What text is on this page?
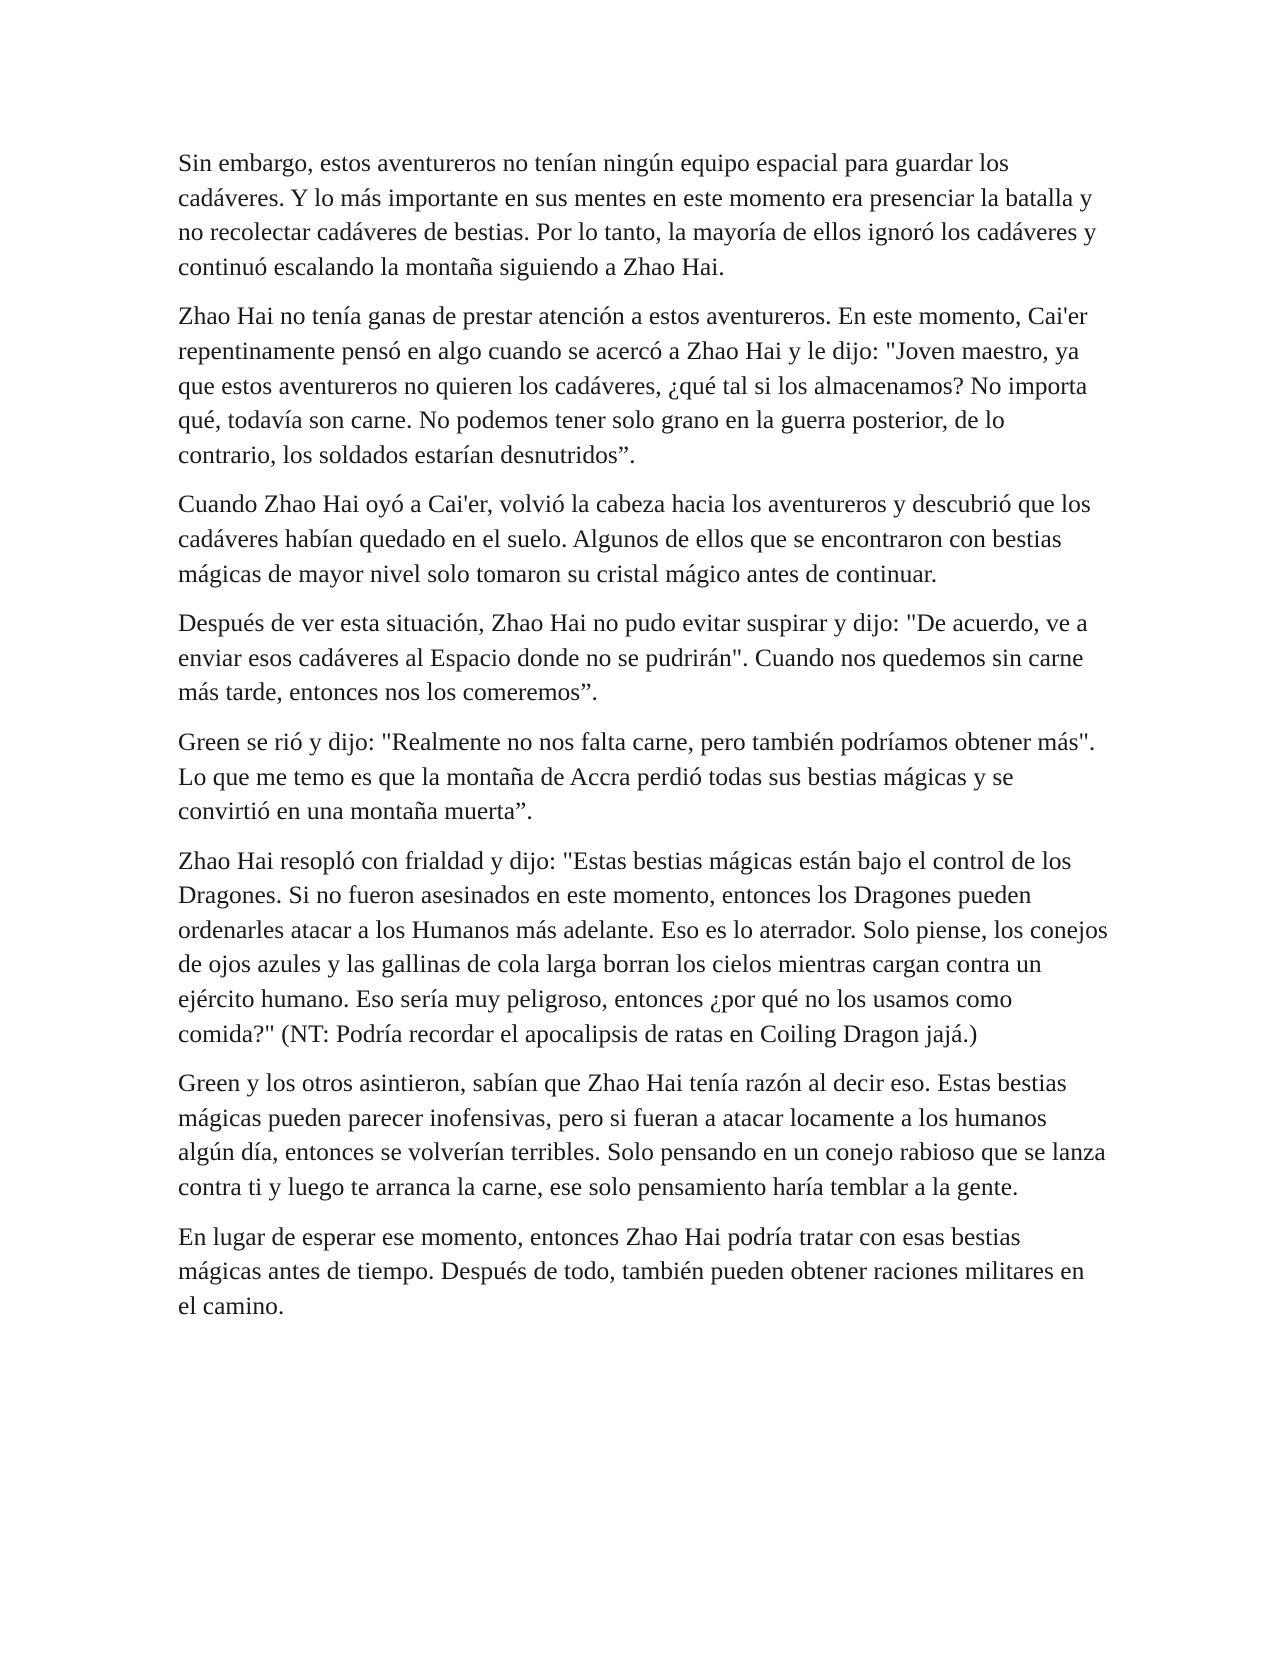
Sin embargo, estos aventureros no tenían ningún equipo espacial para guardar los cadáveres. Y lo más importante en sus mentes en este momento era presenciar la batalla y no recolectar cadáveres de bestias. Por lo tanto, la mayoría de ellos ignoró los cadáveres y continuó escalando la montaña siguiendo a Zhao Hai.

Zhao Hai no tenía ganas de prestar atención a estos aventureros. En este momento, Cai'er repentinamente pensó en algo cuando se acercó a Zhao Hai y le dijo: "Joven maestro, ya que estos aventureros no quieren los cadáveres, ¿qué tal si los almacenamos? No importa qué, todavía son carne. No podemos tener solo grano en la guerra posterior, de lo contrario, los soldados estarían desnutridos”.

Cuando Zhao Hai oyó a Cai'er, volvió la cabeza hacia los aventureros y descubrió que los cadáveres habían quedado en el suelo. Algunos de ellos que se encontraron con bestias mágicas de mayor nivel solo tomaron su cristal mágico antes de continuar.

Después de ver esta situación, Zhao Hai no pudo evitar suspirar y dijo: "De acuerdo, ve a enviar esos cadáveres al Espacio donde no se pudrirán". Cuando nos quedemos sin carne más tarde, entonces nos los comeremos”.

Green se rió y dijo: "Realmente no nos falta carne, pero también podríamos obtener más". Lo que me temo es que la montaña de Accra perdió todas sus bestias mágicas y se convirtió en una montaña muerta”.

Zhao Hai resopló con frialdad y dijo: "Estas bestias mágicas están bajo el control de los Dragones. Si no fueron asesinados en este momento, entonces los Dragones pueden ordenarles atacar a los Humanos más adelante. Eso es lo aterrador. Solo piense, los conejos de ojos azules y las gallinas de cola larga borran los cielos mientras cargan contra un ejército humano. Eso sería muy peligroso, entonces ¿por qué no los usamos como comida?" (NT: Podría recordar el apocalipsis de ratas en Coiling Dragon jajá.)

Green y los otros asintieron, sabían que Zhao Hai tenía razón al decir eso. Estas bestias mágicas pueden parecer inofensivas, pero si fueran a atacar locamente a los humanos algún día, entonces se volverían terribles. Solo pensando en un conejo rabioso que se lanza contra ti y luego te arranca la carne, ese solo pensamiento haría temblar a la gente.

En lugar de esperar ese momento, entonces Zhao Hai podría tratar con esas bestias mágicas antes de tiempo. Después de todo, también pueden obtener raciones militares en el camino.
